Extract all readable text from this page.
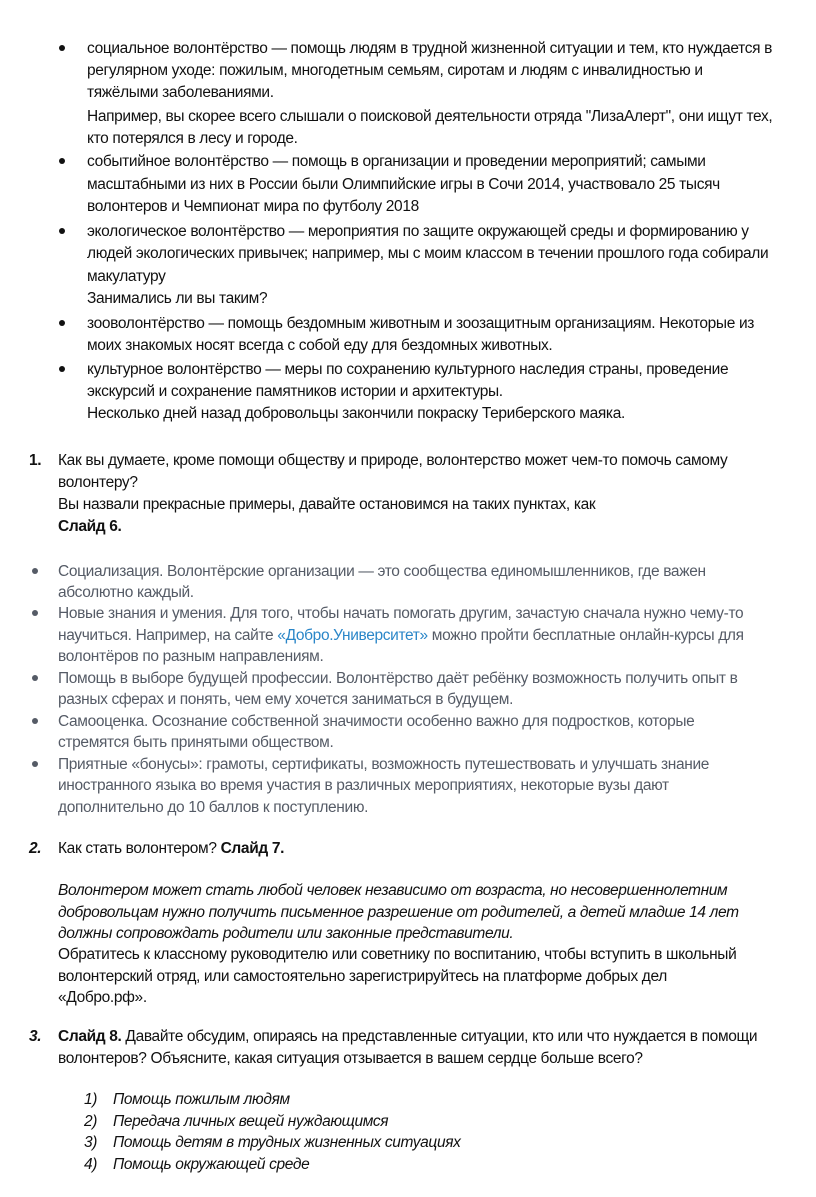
социальное волонтёрство — помощь людям в трудной жизненной ситуации и тем, кто нуждается в
регулярном уходе: пожилым, многодетным семьям, сиротам и людям с инвалидностью и
тяжёлыми заболеваниями.
Например, вы скорее всего слышали о поисковой деятельности отряда "ЛизаАлерт", они ищут тех,
кто потерялся в лесу и городе.
событийное волонтёрство — помощь в организации и проведении мероприятий; самыми
масштабными из них в России были Олимпийские игры в Сочи 2014, участвовало 25 тысяч
волонтеров и Чемпионат мира по футболу 2018
экологическое волонтёрство — мероприятия по защите окружающей среды и формированию у
людей экологических привычек; например, мы с моим классом в течении прошлого года собирали
макулатуру
Занимались ли вы таким?
зооволонтёрство — помощь бездомным животным и зоозащитным организациям. Некоторые из
моих знакомых носят всегда с собой еду для бездомных животных.
культурное волонтёрство — меры по сохранению культурного наследия страны, проведение
экскурсий и сохранение памятников истории и архитектуры.
Несколько дней назад добровольцы закончили покраску Териберского маяка.
1. Как вы думаете, кроме помощи обществу и природе, волонтерство может чем-то помочь самому
волонтеру?
Вы назвали прекрасные примеры, давайте остановимся на таких пунктах, как
Слайд 6.
Социализация. Волонтёрские организации — это сообщества единомышленников, где важен
абсолютно каждый.
Новые знания и умения. Для того, чтобы начать помогать другим, зачастую сначала нужно чему-то
научиться. Например, на сайте «Добро.Университет» можно пройти бесплатные онлайн-курсы для
волонтёров по разным направлениям.
Помощь в выборе будущей профессии. Волонтёрство даёт ребёнку возможность получить опыт в
разных сферах и понять, чем ему хочется заниматься в будущем.
Самооценка. Осознание собственной значимости особенно важно для подростков, которые
стремятся быть принятыми обществом.
Приятные «бонусы»: грамоты, сертификаты, возможность путешествовать и улучшать знание
иностранного языка во время участия в различных мероприятиях, некоторые вузы дают
дополнительно до 10 баллов к поступлению.
2. Как стать волонтером? Слайд 7.
Волонтером может стать любой человек независимо от возраста, но несовершеннолетним
добровольцам нужно получить письменное разрешение от родителей, а детей младше 14 лет
должны сопровождать родители или законные представители.
Обратитесь к классному руководителю или советнику по воспитанию, чтобы вступить в школьный
волонтерский отряд, или самостоятельно зарегистрируйтесь на платформе добрых дел
«Добро.рф».
3. Слайд 8. Давайте обсудим, опираясь на представленные ситуации, кто или что нуждается в помощи
волонтеров? Объясните, какая ситуация отзывается в вашем сердце больше всего?
1) Помощь пожилым людям
2) Передача личных вещей нуждающимся
3) Помощь детям в трудных жизненных ситуациях
4) Помощь окружающей среде
